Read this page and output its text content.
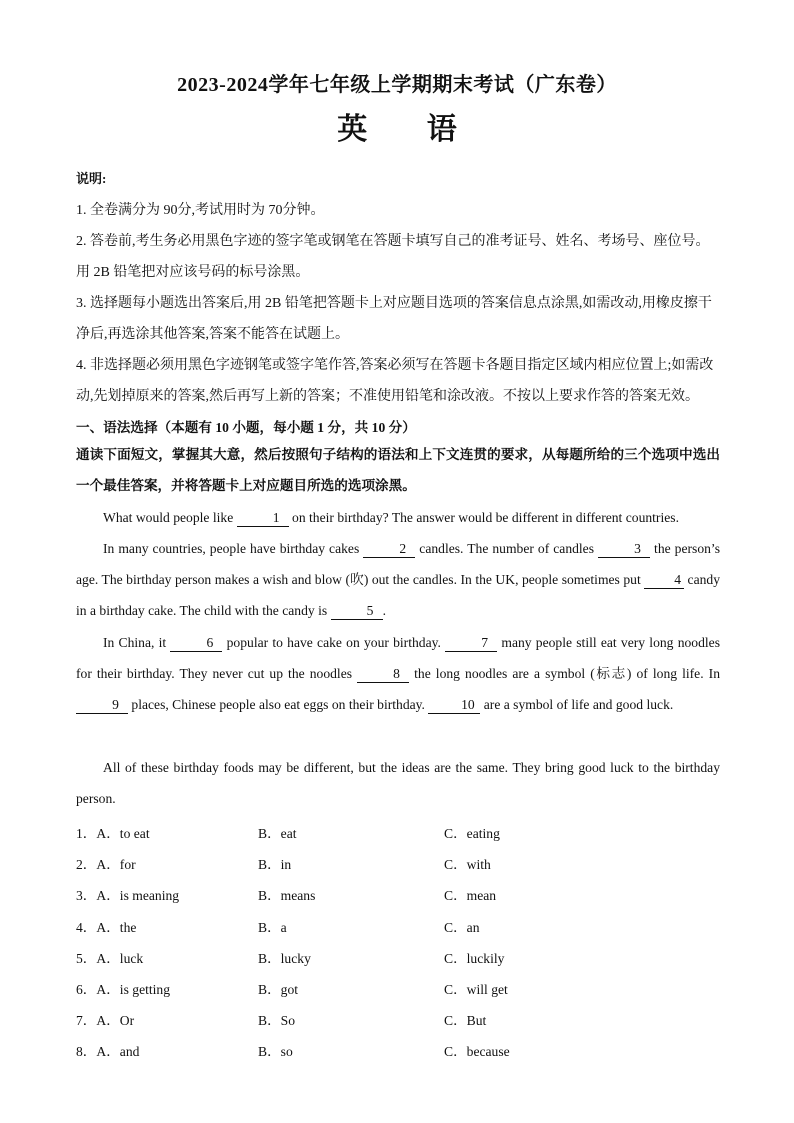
2023-2024学年七年级上学期期末考试（广东卷）
英 语
说明:
1. 全卷满分为 90分,考试用时为 70分钟。
2. 答卷前,考生务必用黑色字迹的签字笔或钢笔在答题卡填写自己的准考证号、姓名、考场号、座位号。
用 2B 铅笔把对应该号码的标号涂黑。
3. 选择题每小题选出答案后,用 2B 铅笔把答题卡上对应题目选项的答案信息点涂黑,如需改动,用橡皮擦干
净后,再选涂其他答案,答案不能答在试题上。
4. 非选择题必须用黑色字迹钢笔或签字笔作答,答案必须写在答题卡各题目指定区域内相应位置上;如需改
动,先划掉原来的答案,然后再写上新的答案；不准使用铅笔和涂改液。不按以上要求作答的答案无效。
一、语法选择（本题有 10 小题，每小题 1 分，共 10 分）

通读下面短文，掌握其大意，然后按照句子结构的语法和上下文连贯的要求，从每题所给的三个选项中选出一个最佳答案，并将答题卡上对应题目所选的选项涂黑。

What would people like	1 on their birthday? The answer would be different in different countries.

In many countries, people have birthday cakes	2 candles. The number of candles	3 the person’s age. The birthday person makes a wish and blow (吹) out the candles. In the UK, people sometimes put 4 candy in a birthday cake. The child with the candy is	5 .

In China, it	6 popular to have cake on your birthday.	7 many people still eat very long noodles for their birthday. They never cut up the noodles	8 the long noodles are a symbol (标志) of long life. In 9 places, Chinese people also eat eggs on their birthday. 10 are a symbol of life and good luck.

All of these birthday foods may be different, but the ideas are the same. They bring good luck to the birthday person.

1．A．to eat	B．eat	C．eating
2．A．for	B．in	C．with
3．A．is meaning	B．means	C．mean
4．A．the	B．a	C．an
5．A．luck	B．lucky	C．luckily
6．A．is getting	B．got	C．will get
7．A．Or	B．So	C．But
8．A．and	B．so	C．because
